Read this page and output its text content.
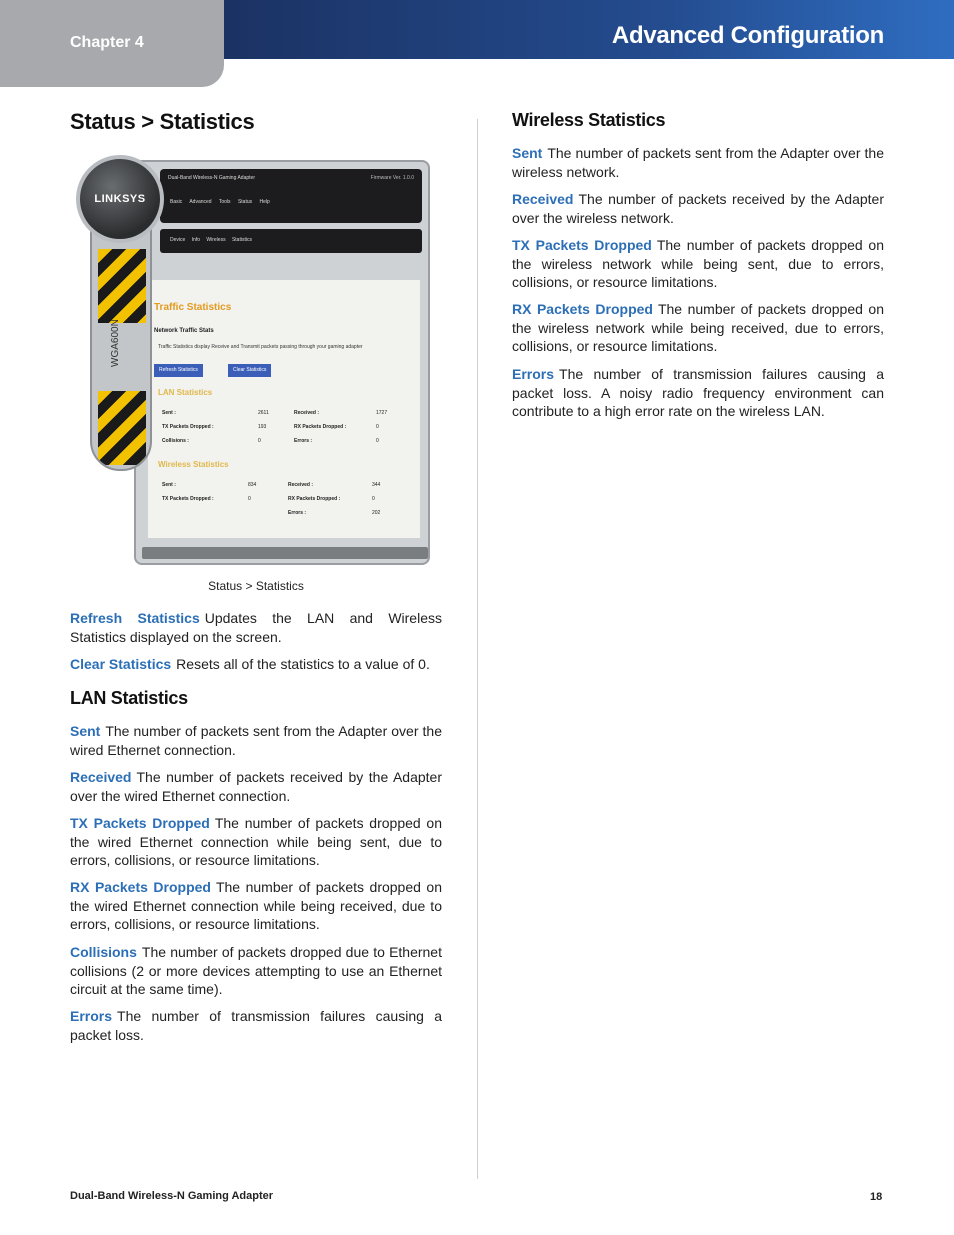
Chapter 4	Advanced Configuration
Status > Statistics
Dual-Band Wireless-N Gaming Adapter	Firmware Ver. 1.0.0
Basic Advanced Tools Status Help
Device Info Wireless Statistics
Traffic Statistics
Network Traffic Stats
Traffic Statistics display Receive and Transmit packets passing through your gaming adapter
Refresh Statistics	Clear Statistics
LAN Statistics
Sent :	2611	Received :	1727
TX Packets Dropped :	193	RX Packets Dropped :	0
Collisions :	0	Errors :	0
Wireless Statistics
Sent :	834	Received :	344
TX Packets Dropped :	0	RX Packets Dropped :	0
Errors :	202
WGA600N
LINKSYS
Status > Statistics
Refresh Statistics Updates the LAN and Wireless Statistics displayed on the screen.
Clear Statistics Resets all of the statistics to a value of 0.
LAN Statistics
Sent The number of packets sent from the Adapter over the wired Ethernet connection.
Received The number of packets received by the Adapter over the wired Ethernet connection.
TX Packets Dropped The number of packets dropped on the wired Ethernet connection while being sent, due to errors, collisions, or resource limitations.
RX Packets Dropped The number of packets dropped on the wired Ethernet connection while being received, due to errors, collisions, or resource limitations.
Collisions The number of packets dropped due to Ethernet collisions (2 or more devices attempting to use an Ethernet circuit at the same time).
Errors The number of transmission failures causing a packet loss.
Wireless Statistics
Sent The number of packets sent from the Adapter over the wireless network.
Received The number of packets received by the Adapter over the wireless network.
TX Packets Dropped The number of packets dropped on the wireless network while being sent, due to errors, collisions, or resource limitations.
RX Packets Dropped The number of packets dropped on the wireless network while being received, due to errors, collisions, or resource limitations.
Errors The number of transmission failures causing a packet loss. A noisy radio frequency environment can contribute to a high error rate on the wireless LAN.
Dual-Band Wireless-N Gaming Adapter	18
